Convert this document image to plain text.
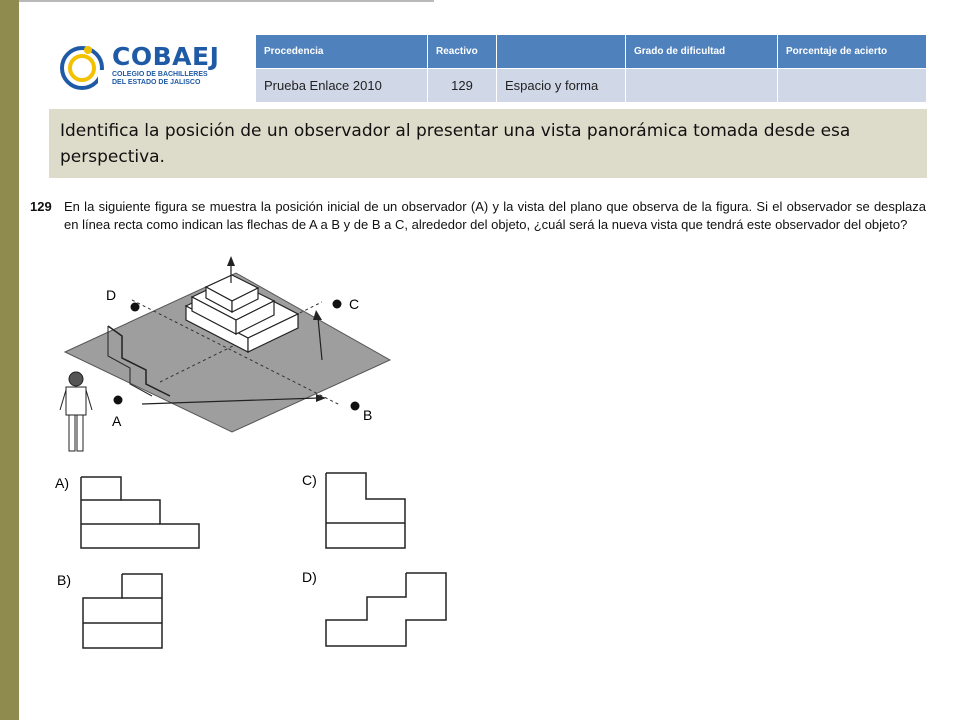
COBAEJ
COLEGIO DE BACHILLERES
DEL ESTADO DE JALISCO
Procedencia	Reactivo		Grado de dificultad	Porcentaje de acierto
Prueba Enlace 2010	129	Espacio y forma		
Identifica la posición de un observador al presentar una vista panorámica tomada desde esa perspectiva.
129 En la siguiente figura se muestra la posición inicial de un observador (A) y la vista del plano que observa de la figura. Si el observador se desplaza en línea recta como indican las flechas de A a B y de B a C, alrededor del objeto, ¿cuál será la nueva vista que tendrá este observador del objeto?
D
C
A	B
A)	C)
B)	D)
